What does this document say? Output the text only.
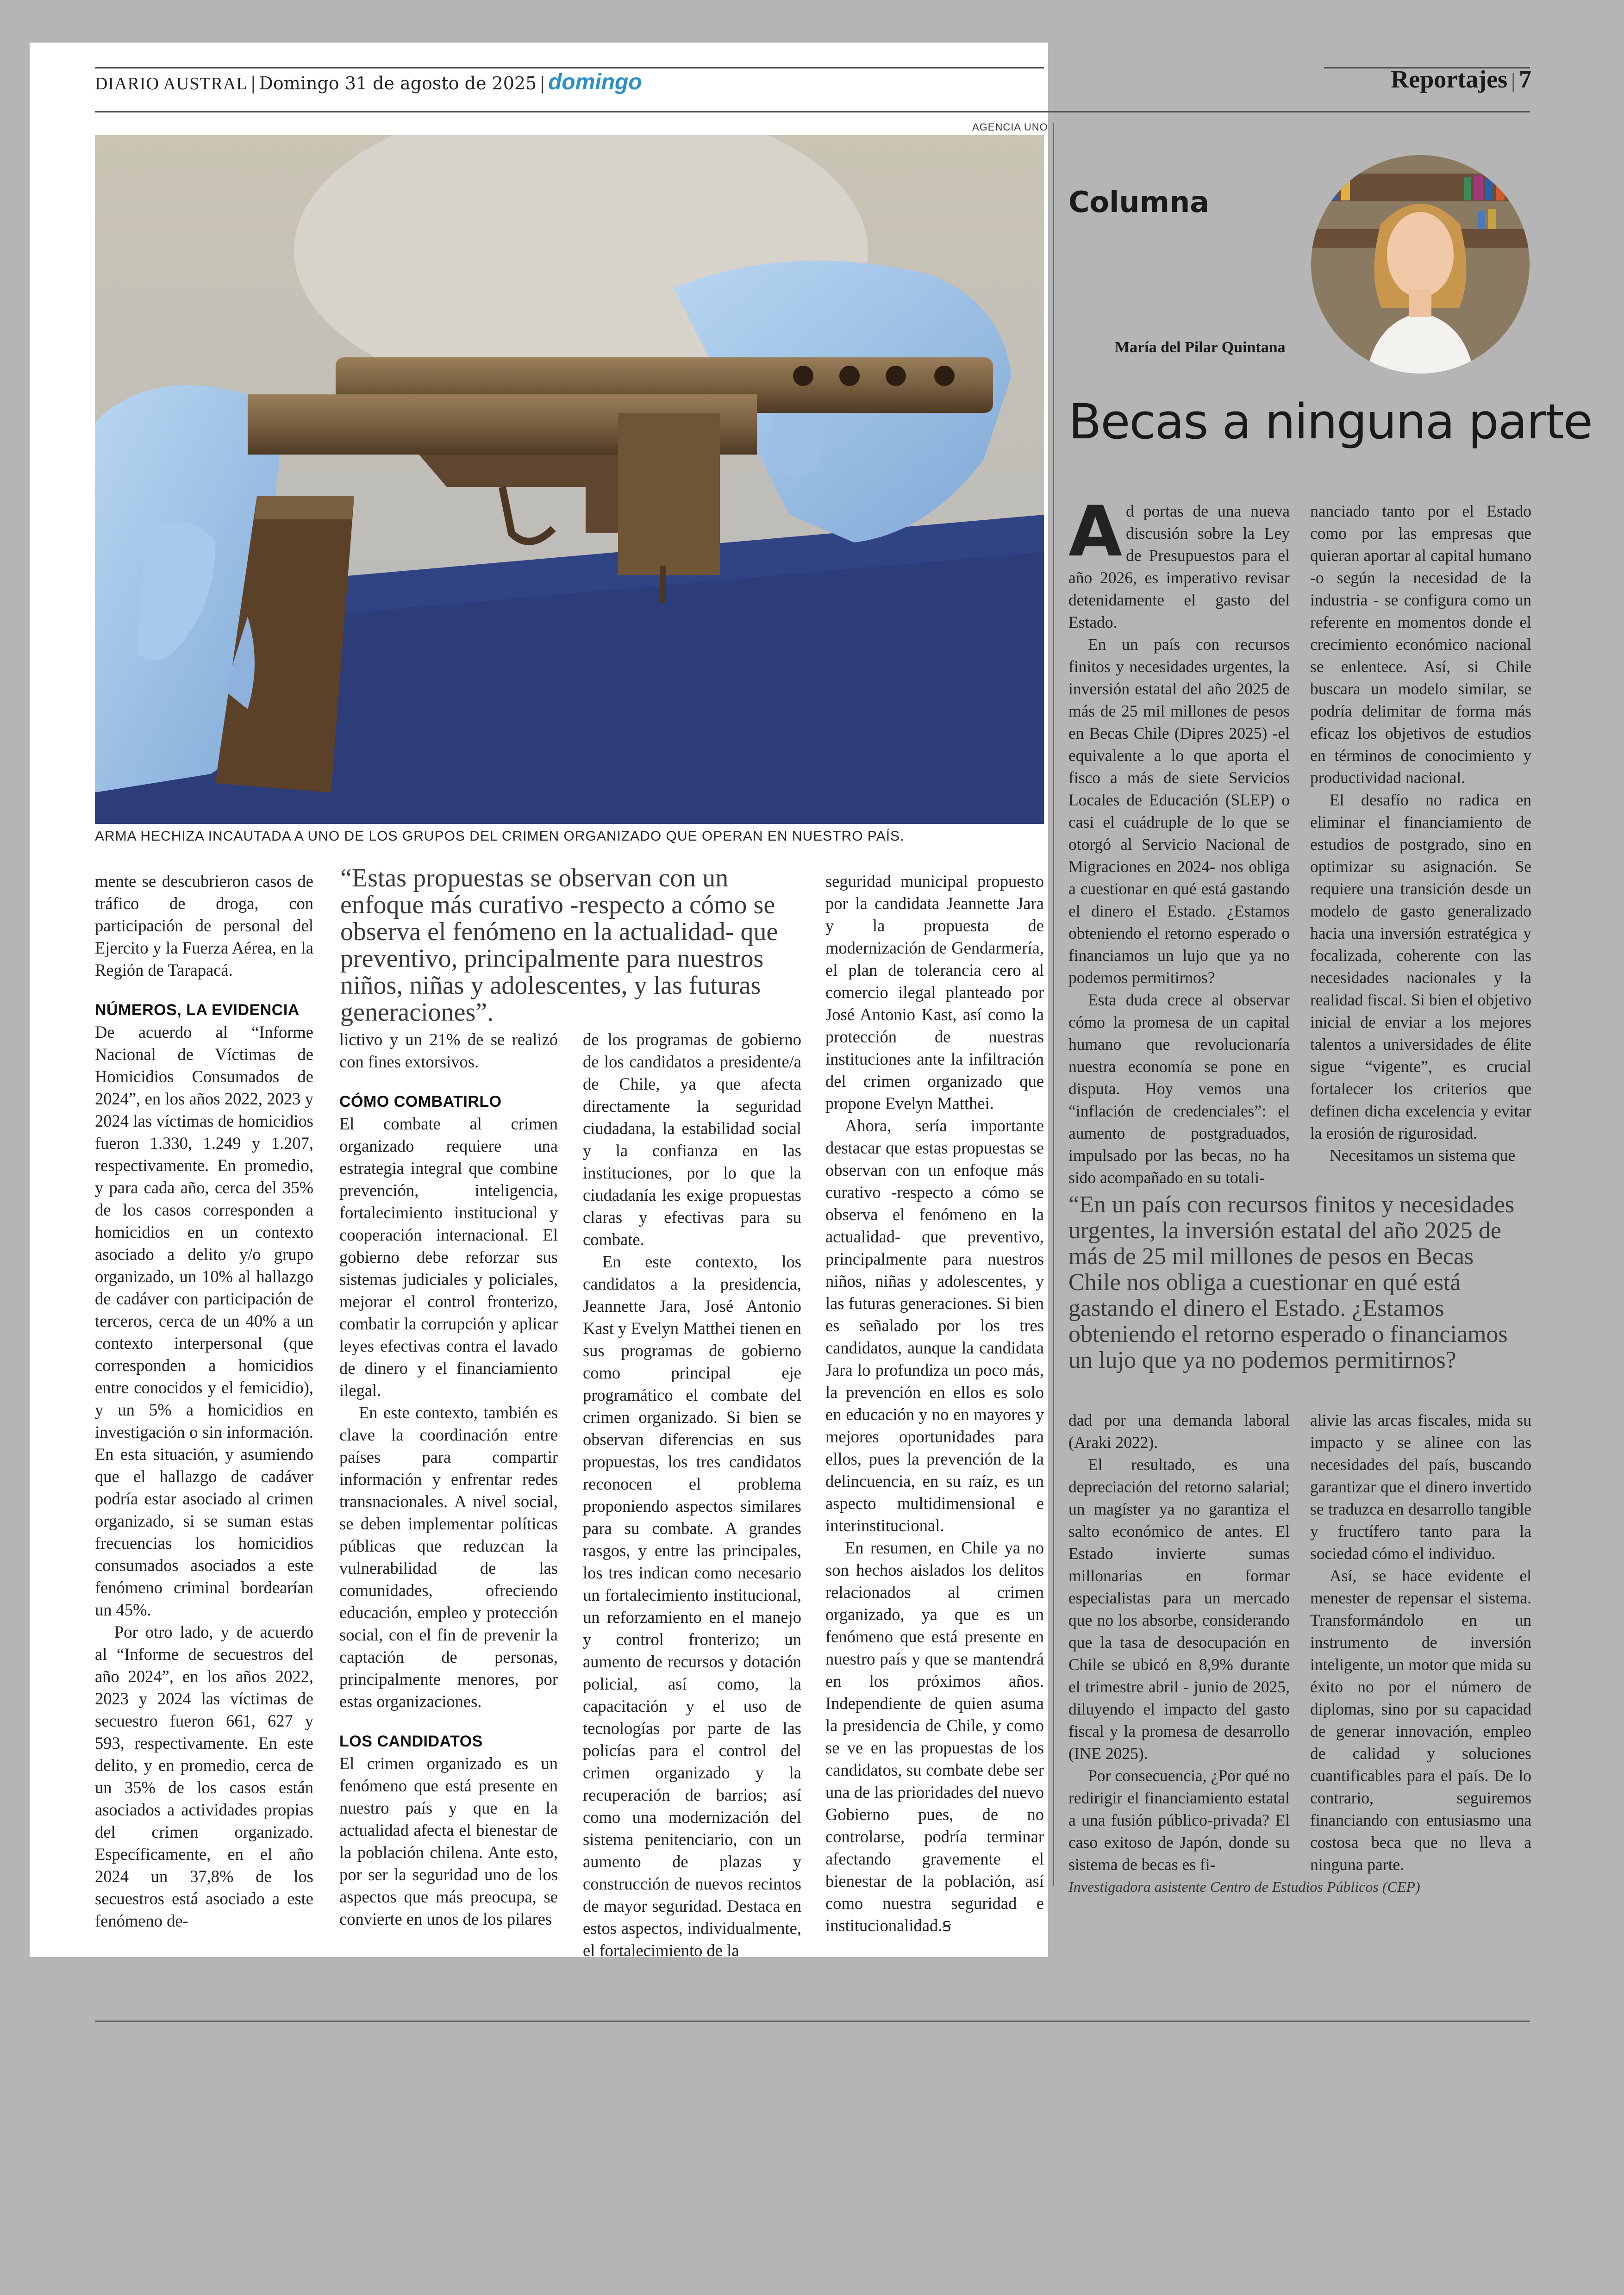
DIARIO AUSTRAL | Domingo 31 de agosto de 2025 | domingo	Reportajes | 7
AGENCIA UNO
ARMA HECHIZA INCAUTADA A UNO DE LOS GRUPOS DEL CRIMEN ORGANIZADO QUE OPERAN EN NUESTRO PAÍS.

mente se descubrieron casos de tráfico de droga, con participación de personal del Ejercito y la Fuerza Aérea, en la Región de Tarapacá.

NÚMEROS, LA EVIDENCIA

De acuerdo al “Informe Nacional de Víctimas de Homicidios Consumados de 2024”, en los años 2022, 2023 y 2024 las víctimas de homicidios fueron 1.330, 1.249 y 1.207, respectivamente. En promedio, y para cada año, cerca del 35% de los casos corresponden a homicidios en un contexto asociado a delito y/o grupo organizado, un 10% al hallazgo de cadáver con participación de terceros, cerca de un 40% a un contexto interpersonal (que corresponden a homicidios entre conocidos y el femicidio), y un 5% a homicidios en investigación o sin información. En esta situación, y asumiendo que el hallazgo de cadáver podría estar asociado al crimen organizado, si se suman estas frecuencias los homicidios consumados asociados a este fenómeno criminal bordearían un 45%.

Por otro lado, y de acuerdo al “Informe de secuestros del año 2024”, en los años 2022, 2023 y 2024 las víctimas de secuestro fueron 661, 627 y 593, respectivamente. En este delito, y en promedio, cerca de un 35% de los casos están asociados a actividades propias del crimen organizado. Específicamente, en el año 2024 un 37,8% de los secuestros está asociado a este fenómeno de-

“Estas propuestas se observan con un enfoque más curativo -respecto a cómo se observa el fenómeno en la actualidad- que preventivo, principalmente para nuestros niños, niñas y adolescentes, y las futuras generaciones”.

lictivo y un 21% de se realizó con fines extorsivos.

CÓMO COMBATIRLO

El combate al crimen organizado requiere una estrategia integral que combine prevención, inteligencia, fortalecimiento institucional y cooperación internacional. El gobierno debe reforzar sus sistemas judiciales y policiales, mejorar el control fronterizo, combatir la corrupción y aplicar leyes efectivas contra el lavado de dinero y el financiamiento ilegal.

En este contexto, también es clave la coordinación entre países para compartir información y enfrentar redes transnacionales. A nivel social, se deben implementar políticas públicas que reduzcan la vulnerabilidad de las comunidades, ofreciendo educación, empleo y protección social, con el fin de prevenir la captación de personas, principalmente menores, por estas organizaciones.

LOS CANDIDATOS

El crimen organizado es un fenómeno que está presente en nuestro país y que en la actualidad afecta el bienestar de la población chilena. Ante esto, por ser la seguridad uno de los aspectos que más preocupa, se convierte en unos de los pilares

de los programas de gobierno de los candidatos a presidente/a de Chile, ya que afecta directamente la seguridad ciudadana, la estabilidad social y la confianza en las instituciones, por lo que la ciudadanía les exige propuestas claras y efectivas para su combate.

En este contexto, los candidatos a la presidencia, Jeannette Jara, José Antonio Kast y Evelyn Matthei tienen en sus programas de gobierno como principal eje programático el combate del crimen organizado. Si bien se observan diferencias en sus propuestas, los tres candidatos reconocen el problema proponiendo aspectos similares para su combate. A grandes rasgos, y entre las principales, los tres indican como necesario un fortalecimiento institucional, un reforzamiento en el manejo y control fronterizo; un aumento de recursos y dotación policial, así como, la capacitación y el uso de tecnologías por parte de las policías para el control del crimen organizado y la recuperación de barrios; así como una modernización del sistema penitenciario, con un aumento de plazas y construcción de nuevos recintos de mayor seguridad. Destaca en estos aspectos, individualmente, el fortalecimiento de la

seguridad municipal propuesto por la candidata Jeannette Jara y la propuesta de modernización de Gendarmería, el plan de tolerancia cero al comercio ilegal planteado por José Antonio Kast, así como la protección de nuestras instituciones ante la infiltración del crimen organizado que propone Evelyn Matthei.

Ahora, sería importante destacar que estas propuestas se observan con un enfoque más curativo -respecto a cómo se observa el fenómeno en la actualidad- que preventivo, principalmente para nuestros niños, niñas y adolescentes, y las futuras generaciones. Si bien es señalado por los tres candidatos, aunque la candidata Jara lo profundiza un poco más, la prevención en ellos es solo en educación y no en mayores y mejores oportunidades para ellos, pues la prevención de la delincuencia, en su raíz, es un aspecto multidimensional e interinstitucional.

En resumen, en Chile ya no son hechos aislados los delitos relacionados al crimen organizado, ya que es un fenómeno que está presente en nuestro país y que se mantendrá en los próximos años. Independiente de quien asuma la presidencia de Chile, y como se ve en las propuestas de los candidatos, su combate debe ser una de las prioridades del nuevo Gobierno pues, de no controlarse, podría terminar afectando gravemente el bienestar de la población, así como nuestra seguridad e institucionalidad.Ꞩ

Columna
María del Pilar Quintana
Becas a ninguna parte

Ad portas de una nueva discusión sobre la Ley de Presupuestos para el año 2026, es imperativo revisar detenidamente el gasto del Estado.

En un país con recursos finitos y necesidades urgentes, la inversión estatal del año 2025 de más de 25 mil millones de pesos en Becas Chile (Dipres 2025) -el equivalente a lo que aporta el fisco a más de siete Servicios Locales de Educación (SLEP) o casi el cuádruple de lo que se otorgó al Servicio Nacional de Migraciones en 2024- nos obliga a cuestionar en qué está gastando el dinero el Estado. ¿Estamos obteniendo el retorno esperado o financiamos un lujo que ya no podemos permitirnos?

Esta duda crece al observar cómo la promesa de un capital humano que revolucionaría nuestra economía se pone en disputa. Hoy vemos una “inflación de credenciales”: el aumento de postgraduados, impulsado por las becas, no ha sido acompañado en su totali-

nanciado tanto por el Estado como por las empresas que quieran aportar al capital humano -o según la necesidad de la industria - se configura como un referente en momentos donde el crecimiento económico nacional se enlentece. Así, si Chile buscara un modelo similar, se podría delimitar de forma más eficaz los objetivos de estudios en términos de conocimiento y productividad nacional.

El desafío no radica en eliminar el financiamiento de estudios de postgrado, sino en optimizar su asignación. Se requiere una transición desde un modelo de gasto generalizado hacia una inversión estratégica y focalizada, coherente con las necesidades nacionales y la realidad fiscal. Si bien el objetivo inicial de enviar a los mejores talentos a universidades de élite sigue “vigente”, es crucial fortalecer los criterios que definen dicha excelencia y evitar la erosión de rigurosidad.

Necesitamos un sistema que

“En un país con recursos finitos y necesidades urgentes, la inversión estatal del año 2025 de más de 25 mil millones de pesos en Becas Chile nos obliga a cuestionar en qué está gastando el dinero el Estado. ¿Estamos obteniendo el retorno esperado o financiamos un lujo que ya no podemos permitirnos?

dad por una demanda laboral (Araki 2022).

El resultado, es una depreciación del retorno salarial; un magíster ya no garantiza el salto económico de antes. El Estado invierte sumas millonarias en formar especialistas para un mercado que no los absorbe, considerando que la tasa de desocupación en Chile se ubicó en 8,9% durante el trimestre abril - junio de 2025, diluyendo el impacto del gasto fiscal y la promesa de desarrollo (INE 2025).

Por consecuencia, ¿Por qué no redirigir el financiamiento estatal a una fusión público-privada? El caso exitoso de Japón, donde su sistema de becas es fi-

alivie las arcas fiscales, mida su impacto y se alinee con las necesidades del país, buscando garantizar que el dinero invertido se traduzca en desarrollo tangible y fructífero tanto para la sociedad cómo el individuo.

Así, se hace evidente el menester de repensar el sistema. Transformándolo en un instrumento de inversión inteligente, un motor que mida su éxito no por el número de diplomas, sino por su capacidad de generar innovación, empleo de calidad y soluciones cuantificables para el país. De lo contrario, seguiremos financiando con entusiasmo una costosa beca que no lleva a ninguna parte.

Investigadora asistente Centro de Estudios Públicos (CEP)
